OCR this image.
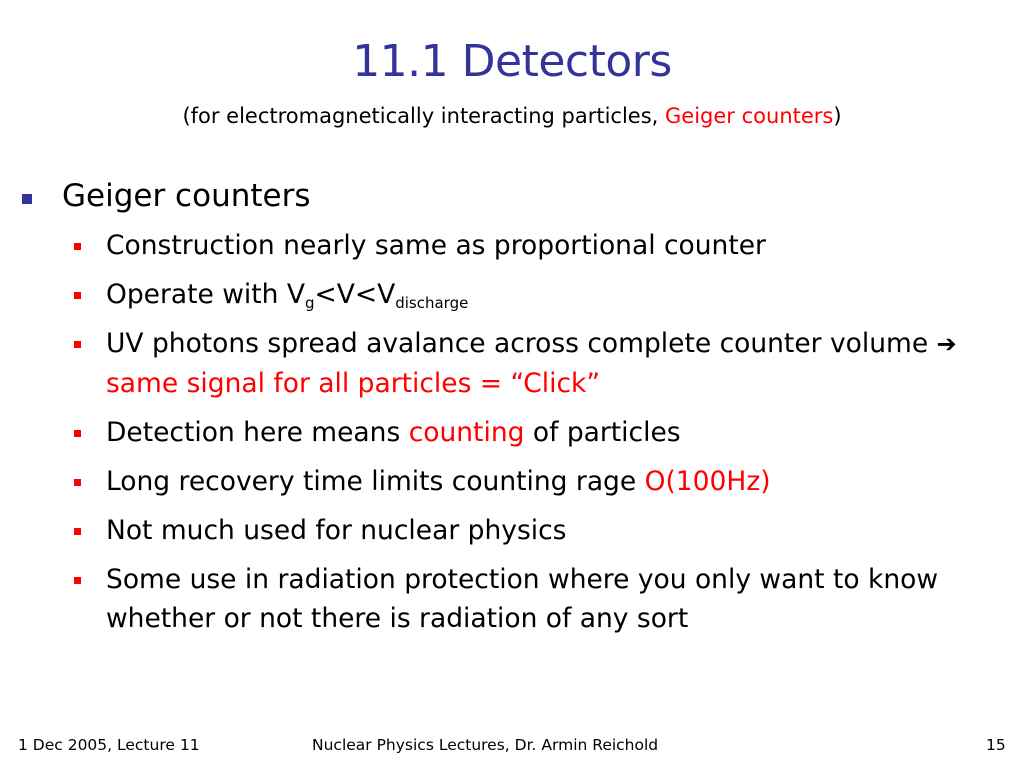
11.1 Detectors
(for electromagnetically interacting particles, Geiger counters)
Geiger counters
Construction nearly same as proportional counter
Operate with $V_g<V<V_{discharge}$
UV photons spread avalance across complete counter volume ➔ same signal for all particles = “Click”
Detection here means counting of particles
Long recovery time limits counting rage O(100Hz)
Not much used for nuclear physics
Some use in radiation protection where you only want to know whether or not there is radiation of any sort
1 Dec 2005, Lecture 11	Nuclear Physics Lectures, Dr. Armin Reichold	15
